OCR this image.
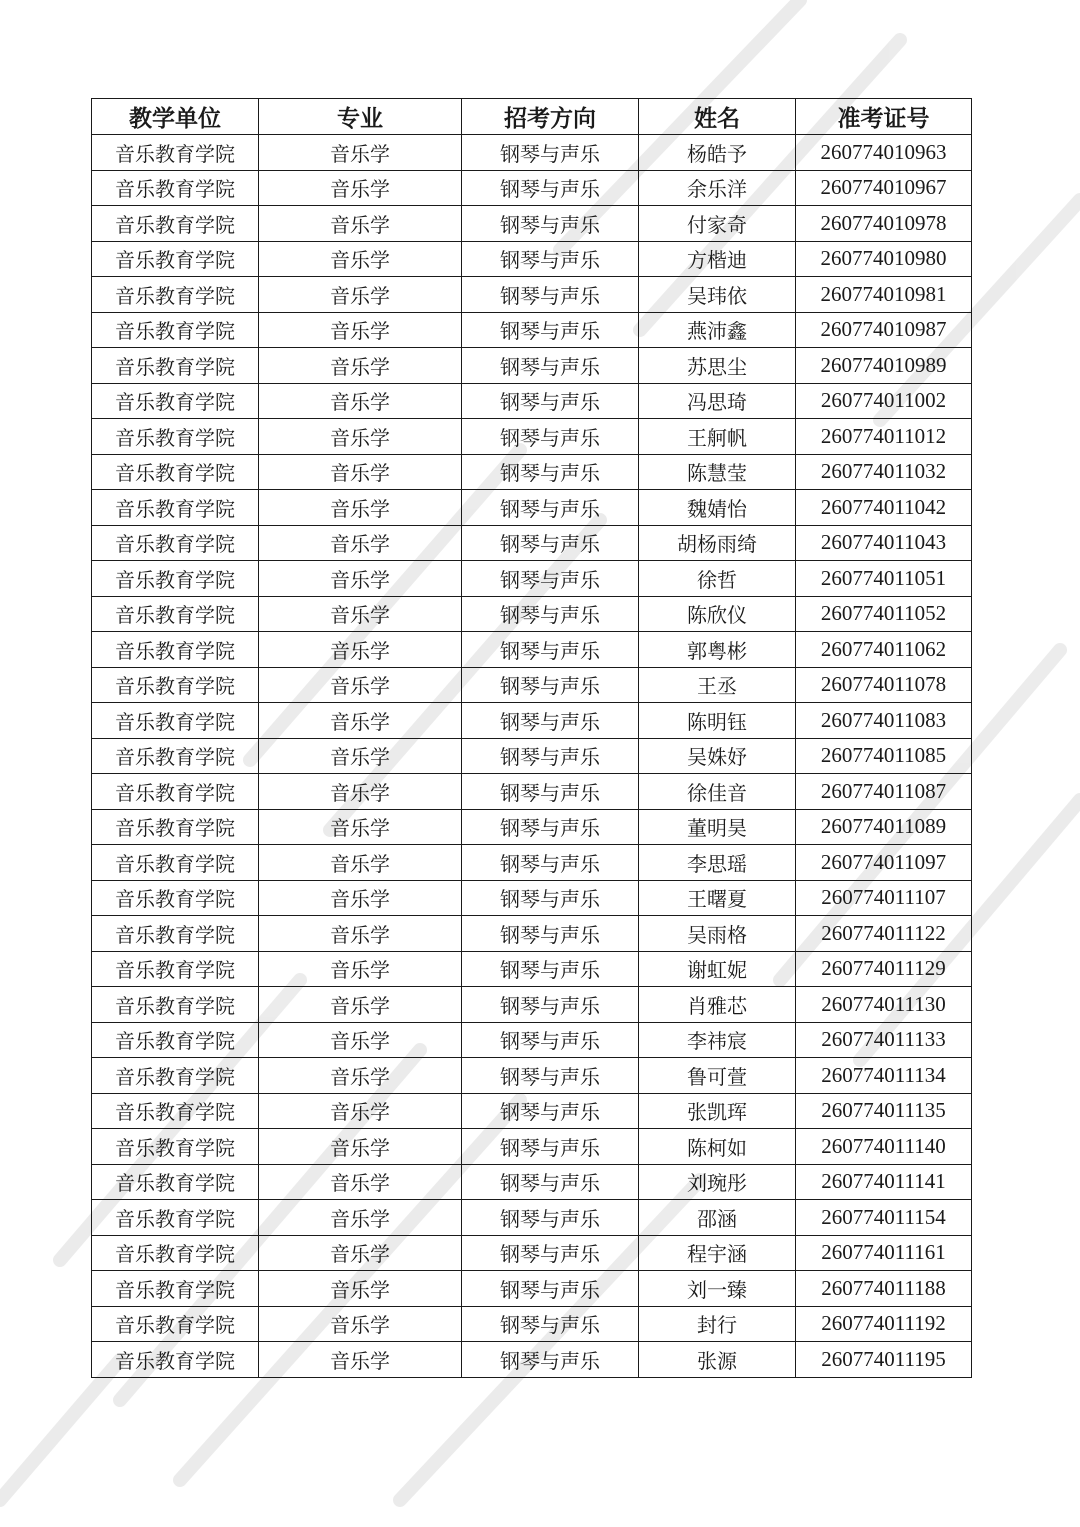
教学单位	专业	招考方向	姓名	准考证号
音乐教育学院	音乐学	钢琴与声乐	杨皓予	260774010963
音乐教育学院	音乐学	钢琴与声乐	余乐洋	260774010967
音乐教育学院	音乐学	钢琴与声乐	付家奇	260774010978
音乐教育学院	音乐学	钢琴与声乐	方楷迪	260774010980
音乐教育学院	音乐学	钢琴与声乐	吴玮依	260774010981
音乐教育学院	音乐学	钢琴与声乐	燕沛鑫	260774010987
音乐教育学院	音乐学	钢琴与声乐	苏思尘	260774010989
音乐教育学院	音乐学	钢琴与声乐	冯思琦	260774011002
音乐教育学院	音乐学	钢琴与声乐	王舸帆	260774011012
音乐教育学院	音乐学	钢琴与声乐	陈慧莹	260774011032
音乐教育学院	音乐学	钢琴与声乐	魏婧怡	260774011042
音乐教育学院	音乐学	钢琴与声乐	胡杨雨绮	260774011043
音乐教育学院	音乐学	钢琴与声乐	徐哲	260774011051
音乐教育学院	音乐学	钢琴与声乐	陈欣仪	260774011052
音乐教育学院	音乐学	钢琴与声乐	郭粤彬	260774011062
音乐教育学院	音乐学	钢琴与声乐	王丞	260774011078
音乐教育学院	音乐学	钢琴与声乐	陈明钰	260774011083
音乐教育学院	音乐学	钢琴与声乐	吴姝妤	260774011085
音乐教育学院	音乐学	钢琴与声乐	徐佳音	260774011087
音乐教育学院	音乐学	钢琴与声乐	董明昊	260774011089
音乐教育学院	音乐学	钢琴与声乐	李思瑶	260774011097
音乐教育学院	音乐学	钢琴与声乐	王曙夏	260774011107
音乐教育学院	音乐学	钢琴与声乐	吴雨格	260774011122
音乐教育学院	音乐学	钢琴与声乐	谢虹妮	260774011129
音乐教育学院	音乐学	钢琴与声乐	肖雅芯	260774011130
音乐教育学院	音乐学	钢琴与声乐	李祎宸	260774011133
音乐教育学院	音乐学	钢琴与声乐	鲁可萱	260774011134
音乐教育学院	音乐学	钢琴与声乐	张凯珲	260774011135
音乐教育学院	音乐学	钢琴与声乐	陈柯如	260774011140
音乐教育学院	音乐学	钢琴与声乐	刘琬彤	260774011141
音乐教育学院	音乐学	钢琴与声乐	邵涵	260774011154
音乐教育学院	音乐学	钢琴与声乐	程宇涵	260774011161
音乐教育学院	音乐学	钢琴与声乐	刘一臻	260774011188
音乐教育学院	音乐学	钢琴与声乐	封行	260774011192
音乐教育学院	音乐学	钢琴与声乐	张源	260774011195
